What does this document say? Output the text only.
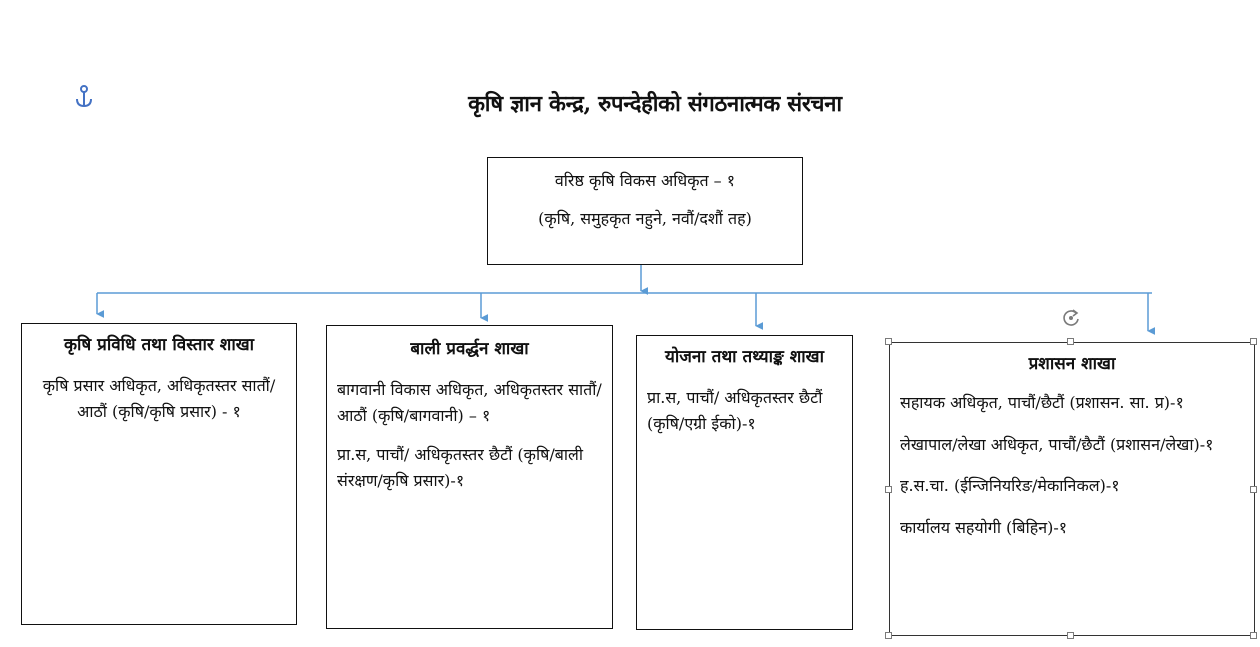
कृषि ज्ञान केन्द्र, रुपन्देहीको संगठनात्मक संरचना

वरिष्ठ कृषि विकस अधिकृत – १

(कृषि, समुहकृत नहुने, नवौं/दशौं तह)

कृषि प्रविधि तथा विस्तार शाखा

कृषि प्रसार अधिकृत, अधिकृतस्तर सातौं/आठौं (कृषि/कृषि प्रसार) - १

बाली प्रवर्द्धन शाखा

बागवानी विकास अधिकृत, अधिकृतस्तर सातौं/आठौं (कृषि/बागवानी) – १

प्रा.स, पाचौं/ अधिकृतस्तर छैटौं (कृषि/बाली संरक्षण/कृषि प्रसार)-१

योजना तथा तथ्याङ्क शाखा

प्रा.स, पाचौं/ अधिकृतस्तर छैटौं (कृषि/एग्री ईको)-१

प्रशासन शाखा

सहायक अधिकृत, पाचौं/छैटौं (प्रशासन. सा. प्र)-१

लेखापाल/लेखा अधिकृत, पाचौं/छैटौं (प्रशासन/लेखा)-१

ह.स.चा. (ईन्जिनियरिङ/मेकानिकल)-१

कार्यालय सहयोगी (बिहिन)-१
